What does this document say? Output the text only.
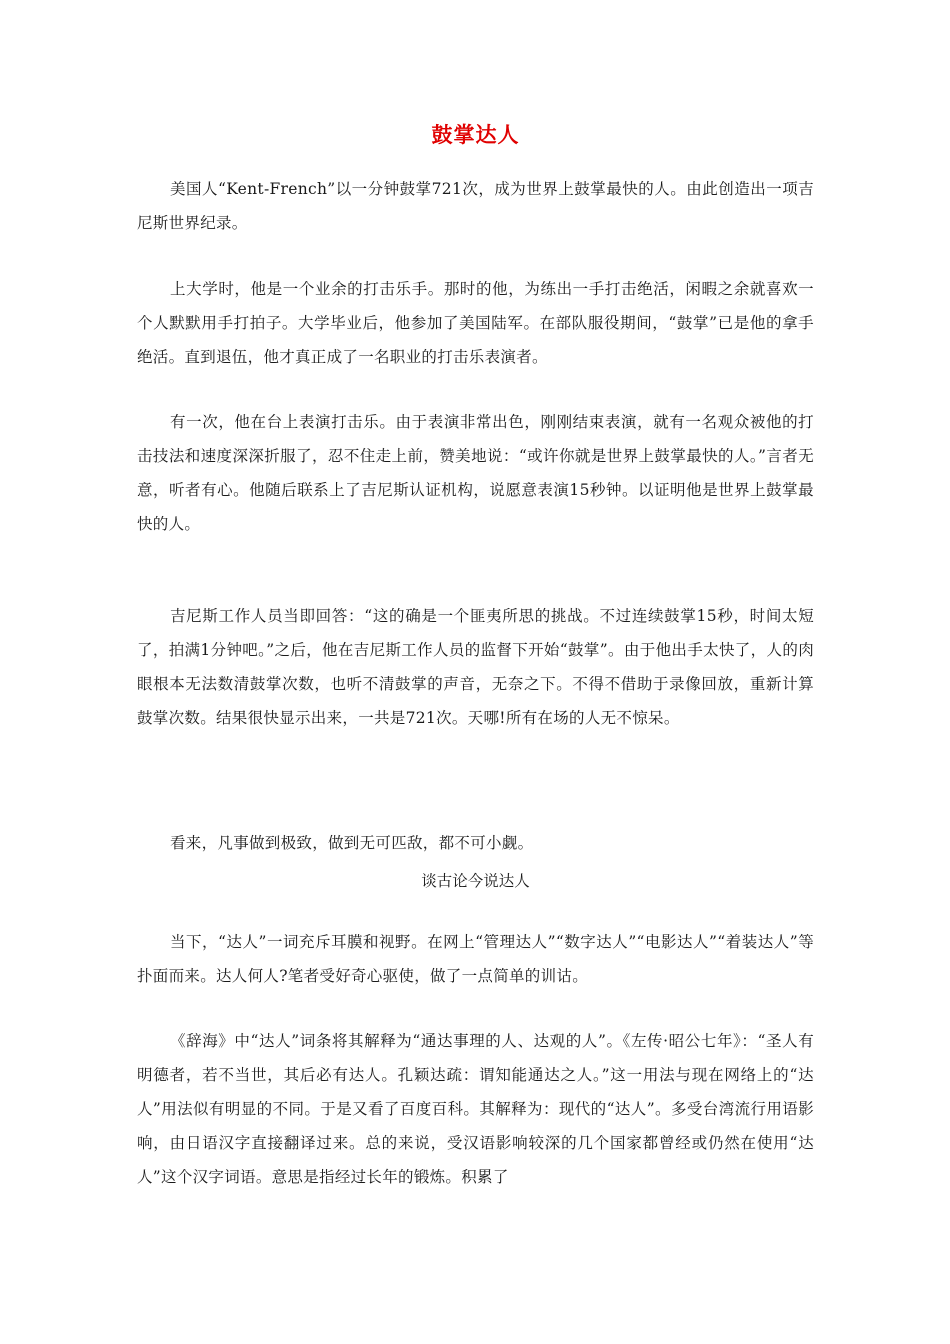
鼓掌达人

美国人“Kent-French”以一分钟鼓掌721次，成为世界上鼓掌最快的人。由此创造出一项吉尼斯世界纪录。

上大学时，他是一个业余的打击乐手。那时的他，为练出一手打击绝活，闲暇之余就喜欢一个人默默用手打拍子。大学毕业后，他参加了美国陆军。在部队服役期间，“鼓掌”已是他的拿手绝活。直到退伍，他才真正成了一名职业的打击乐表演者。

有一次，他在台上表演打击乐。由于表演非常出色，刚刚结束表演，就有一名观众被他的打击技法和速度深深折服了，忍不住走上前，赞美地说：“或许你就是世界上鼓掌最快的人。”言者无意，听者有心。他随后联系上了吉尼斯认证机构，说愿意表演15秒钟。以证明他是世界上鼓掌最快的人。

吉尼斯工作人员当即回答：“这的确是一个匪夷所思的挑战。不过连续鼓掌15秒，时间太短了，拍满1分钟吧。”之后，他在吉尼斯工作人员的监督下开始“鼓掌”。由于他出手太快了，人的肉眼根本无法数清鼓掌次数，也听不清鼓掌的声音，无奈之下。不得不借助于录像回放，重新计算鼓掌次数。结果很快显示出来，一共是721次。天哪!所有在场的人无不惊呆。

看来，凡事做到极致，做到无可匹敌，都不可小觑。

谈古论今说达人

当下，“达人”一词充斥耳膜和视野。在网上“管理达人”“数字达人”“电影达人”“着装达人”等扑面而来。达人何人?笔者受好奇心驱使，做了一点简单的训诂。

《辞海》中“达人”词条将其解释为“通达事理的人、达观的人”。《左传·昭公七年》：“圣人有明德者，若不当世，其后必有达人。孔颖达疏：谓知能通达之人。”这一用法与现在网络上的“达人”用法似有明显的不同。于是又看了百度百科。其解释为：现代的“达人”。多受台湾流行用语影响，由日语汉字直接翻译过来。总的来说，受汉语影响较深的几个国家都曾经或仍然在使用“达人”这个汉字词语。意思是指经过长年的锻炼。积累了
